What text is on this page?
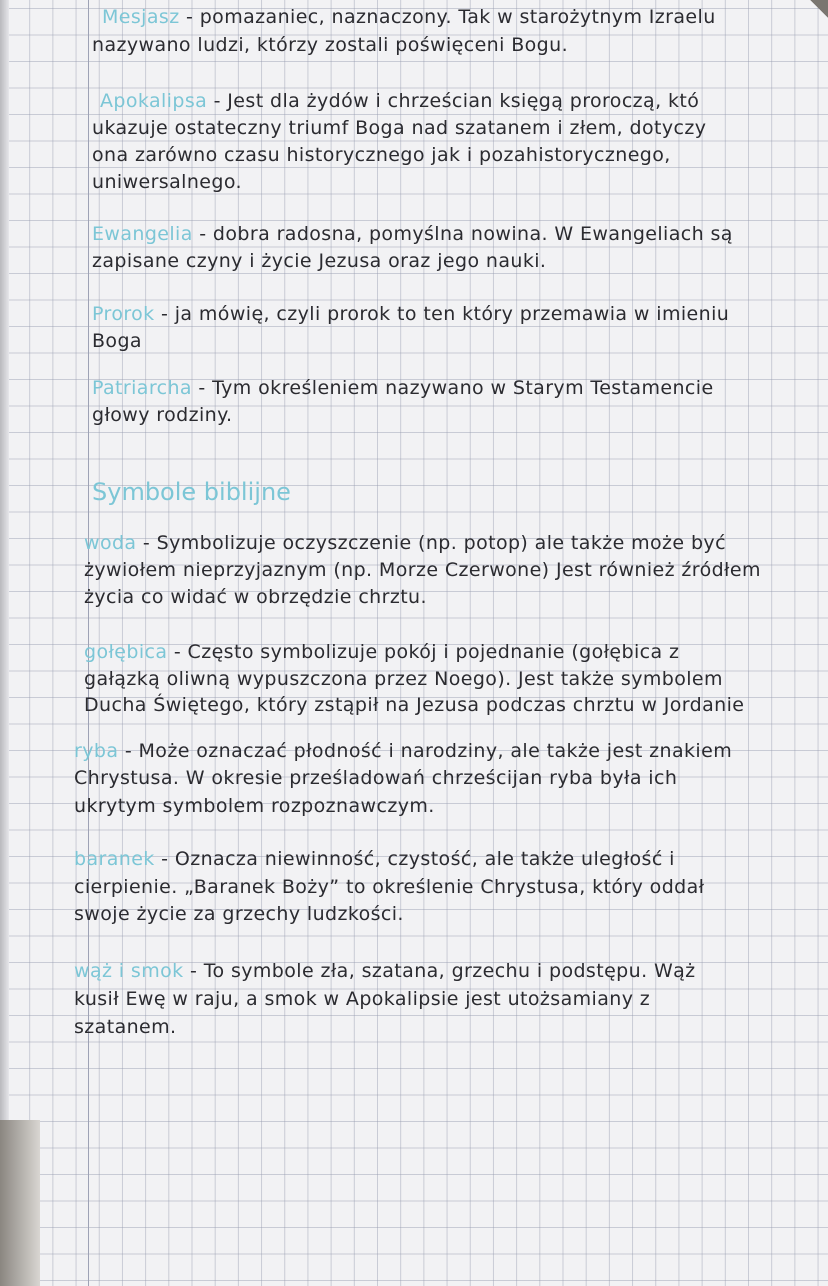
Mesjasz - pomazaniec, naznaczony. Tak w starożytnym Izraelu
nazywano ludzi, którzy zostali poświęceni Bogu.
Apokalipsa - Jest dla żydów i chrześcian księgą proroczą, któ
ukazuje ostateczny triumf Boga nad szatanem i złem, dotyczy
ona zarówno czasu historycznego jak i pozahistorycznego,
uniwersalnego.
Ewangelia - dobra radosna, pomyślna nowina. W Ewangeliach są
zapisane czyny i życie Jezusa oraz jego nauki.
Prorok - ja mówię, czyli prorok to ten który przemawia w imieniu
Boga
Patriarcha - Tym określeniem nazywano w Starym Testamencie
głowy rodziny.
Symbole biblijne
woda - Symbolizuje oczyszczenie (np. potop) ale także może być
żywiołem nieprzyjaznym (np. Morze Czerwone) Jest również źródłem
życia co widać w obrzędzie chrztu.
gołębica - Często symbolizuje pokój i pojednanie (gołębica z
gałązką oliwną wypuszczona przez Noego). Jest także symbolem
Ducha Świętego, który zstąpił na Jezusa podczas chrztu w Jordanie
ryba - Może oznaczać płodność i narodziny, ale także jest znakiem
Chrystusa. W okresie prześladowań chrześcijan ryba była ich
ukrytym symbolem rozpoznawczym.
baranek - Oznacza niewinność, czystość, ale także uległość i
cierpienie. „Baranek Boży” to określenie Chrystusa, który oddał
swoje życie za grzechy ludzkości.
wąż i smok - To symbole zła, szatana, grzechu i podstępu. Wąż
kusił Ewę w raju, a smok w Apokalipsie jest utożsamiany z
szatanem.
